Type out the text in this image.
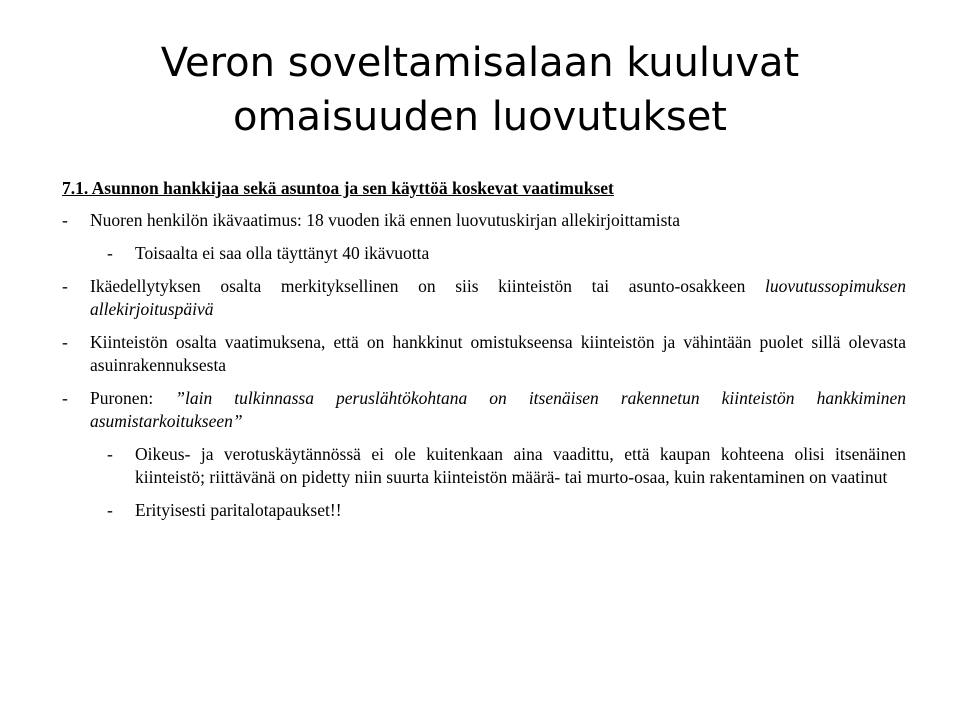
Veron soveltamisalaan kuuluvat omaisuuden luovutukset
7.1. Asunnon hankkijaa sekä asuntoa ja sen käyttöä koskevat vaatimukset
- Nuoren henkilön ikävaatimus: 18 vuoden ikä ennen luovutuskirjan allekirjoittamista
- Toisaalta ei saa olla täyttänyt 40 ikävuotta
- Ikäedellytyksen osalta merkityksellinen on siis kiinteistön tai asunto-osakkeen luovutussopimuksen allekirjoituspäivä
- Kiinteistön osalta vaatimuksena, että on hankkinut omistukseensa kiinteistön ja vähintään puolet sillä olevasta asuinrakennuksesta
- Puronen: ”lain tulkinnassa peruslähtökohtana on itsenäisen rakennetun kiinteistön hankkiminen asumistarkoitukseen”
- Oikeus- ja verotuskäytännössä ei ole kuitenkaan aina vaadittu, että kaupan kohteena olisi itsenäinen kiinteistö; riittävänä on pidetty niin suurta kiinteistön määrä- tai murto-osaa, kuin rakentaminen on vaatinut
- Erityisesti paritalotapaukset!!
